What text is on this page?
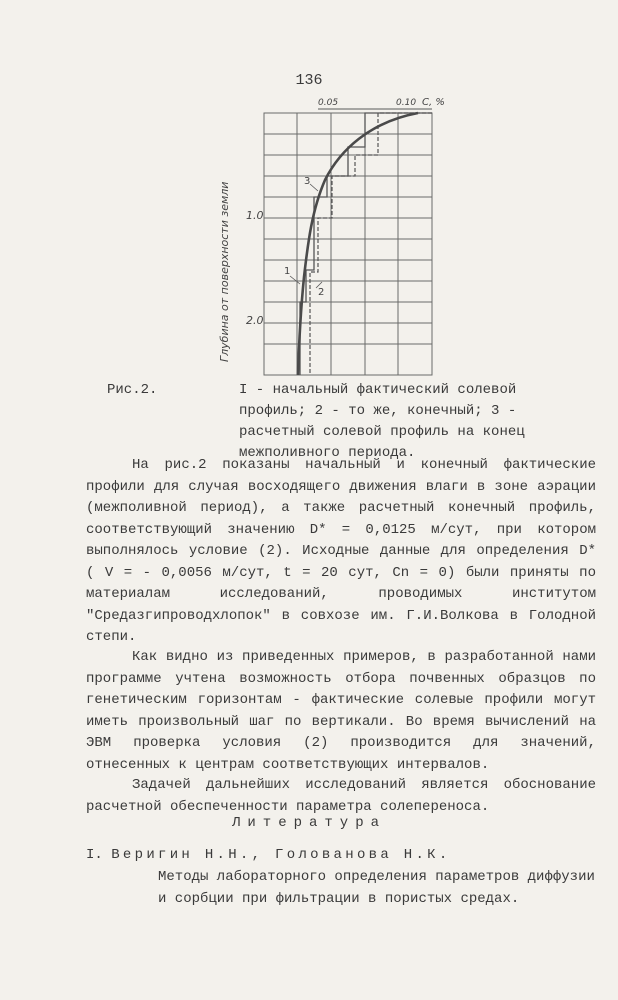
136
0.05	0.10 C, %
1.0
2.0
Глубина от поверхности земли	1
2
3
Рис.2.	I - начальный фактический солевой профиль; 2 - то же, конечный; 3 - расчетный солевой профиль на конец межполивного периода.

На рис.2 показаны начальный и конечный фактические профили для случая восходящего движения влаги в зоне аэрации (межполивной период), а также расчетный конечный профиль, соответствующий значению D* = 0,0125 м/сут, при котором выполнялось условие (2). Исходные данные для определения D* ( V = - 0,0056 м/сут, t = 20 сут, Cn = 0) были приняты по материалам исследований, проводимых институтом "Средазгипроводхлопок" в совхозе им. Г.И.Волкова в Голодной степи.

Как видно из приведенных примеров, в разработанной нами программе учтена возможность отбора почвенных образцов по генетическим горизонтам - фактические солевые профили могут иметь произвольный шаг по вертикали. Во время вычислений на ЭВМ проверка условия (2) производится для значений, отнесенных к центрам соответствующих интервалов.

Задачей дальнейших исследований является обоснование расчетной обеспеченности параметра солепереноса.

Литература
I. Веригин Н.Н., Голованова Н.К.
Методы лабораторного определения параметров диффузии и сорбции при фильтрации в пористых средах.
